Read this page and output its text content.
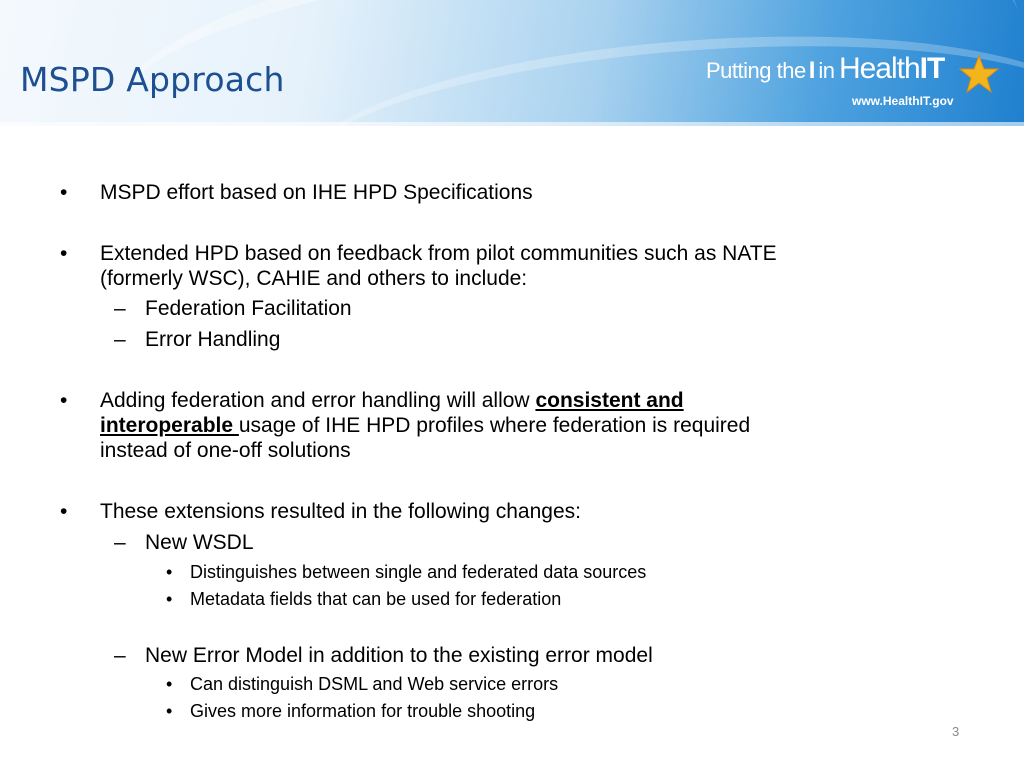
MSPD Approach	Putting the I in HealthIT
www.HealthIT.gov
• MSPD effort based on IHE HPD Specifications
• Extended HPD based on feedback from pilot communities such as NATE
(formerly WSC), CAHIE and others to include:
– Federation Facilitation
– Error Handling
• Adding federation and error handling will allow consistent and
interoperable usage of IHE HPD profiles where federation is required
instead of one-off solutions
• These extensions resulted in the following changes:
– New WSDL
• Distinguishes between single and federated data sources
• Metadata fields that can be used for federation
– New Error Model in addition to the existing error model
• Can distinguish DSML and Web service errors
• Gives more information for trouble shooting
3
